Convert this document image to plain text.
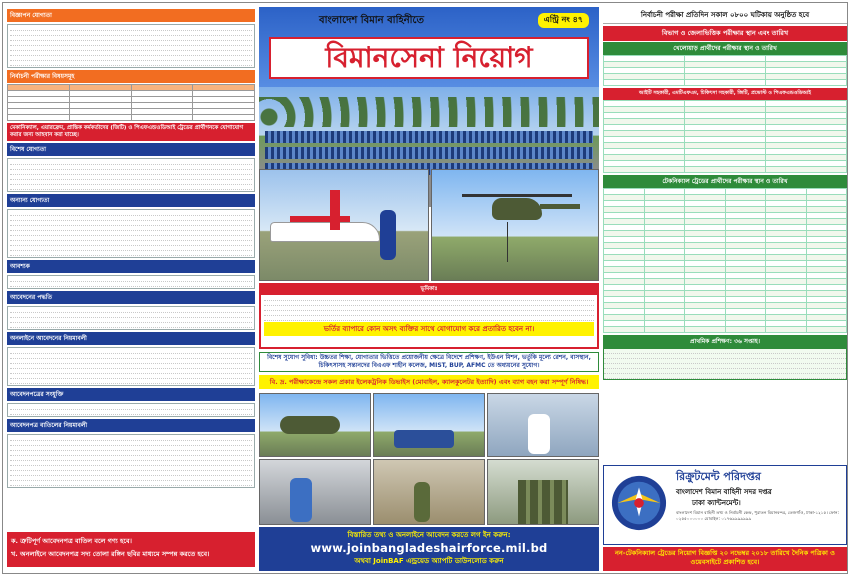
বিজ্ঞাপন যোগ্যতা
নির্বাচনী পরীক্ষার বিষয়সমূহ

মেকানিক্যাল, এয়ারফ্রেম, প্রান্তিক কর্মকর্তাদের (জিটি) ও পিএফএন্ডওডিআই ট্রেডের প্রার্থীগনকে যোগাযোগ করার জন্য আহবান করা যাচ্ছে।
বিশেষ যোগ্যতা
অন্যান্য যোগ্যতা
আবশ্যক
আবেদনের পদ্ধতি
অনলাইনে আবেদনের নিয়মাবলী
আবেদনপত্রের সংযুক্তি
আবেদনপত্র বাতিলের নিয়মাবলী
ক. ত্রুটিপূর্ণ আবেদনপত্র বাতিল বলে গণ্য হবে।
খ. অনলাইনে আবেদনপত্র সদ্য তোলা রঙ্গিন ছবির মাধ্যমে সম্পন্ন করতে হবে।
বাংলাদেশ বিমান বাহিনীতে	এন্ট্রি নং ৪৭
বিমানসেনা নিয়োগ
ভূমিকাঃ
ভর্তির ব্যাপারে কোন অসৎ ব্যক্তির সাথে যোগাযোগ করে প্রতারিত হবেন না।
বিশেষ সুযোগ সুবিধা: উচ্চতর শিক্ষা, যোগ্যতার ভিত্তিতে প্রয়োজনীয় ক্ষেত্রে বিদেশে প্রশিক্ষণ, ইউএন মিশন, ভর্তুকি মূল্যে রেশন, বাসস্থান, চিকিৎসাসহ সন্তানদের বিএএফ শাহীন কলেজ, MIST, BUP, AFMC তে অধ্যয়নের সুযোগ।
বি. দ্র. পরীক্ষাকেন্দ্রে সকল প্রকার ইলেকট্রনিক ডিভাইস (মোবাইল, ক্যালকুলেটর ইত্যাদি) এবং ব্যাগ বহন করা সম্পূর্ণ নিষিদ্ধ।
বিস্তারিত তথ্য ও অনলাইনে আবেদন করতে লগ ইন করুন:
www.joinbangladeshairforce.mil.bd
অথবা JoinBAF এন্ড্রয়েড অ্যাপটি ডাউনলোড করুন
নির্বাচনী পরীক্ষা প্রতিদিন সকাল ০৮০০ ঘটিকায় অনুষ্ঠিত হবে
বিভাগ ও জেলাভিত্তিক পরীক্ষার স্থান এবং তারিখ
খেলোয়াড় প্রার্থীদের পরীক্ষার স্থান ও তারিখ

আইটি সহকারী, এমটিএফএম, চিকিৎসা সহকারী, জিটি, প্রভোস্ট ও পিএফএন্ডওডিআই

টেকনিক্যাল ট্রেডের প্রার্থীদের পরীক্ষার স্থান ও তারিখ

প্রাথমিক প্রশিক্ষণ: ৩৬ সপ্তাহ।
রিক্রুটমেন্ট পরিদপ্তর
বাংলাদেশ বিমান বাহিনী সদর দপ্তর
ঢাকা ক্যান্টনমেন্ট।
বাংলাদেশ বিমান বাহিনী তথ্য ও নির্বাচনী কেন্দ্র, পুরাতন বিমানবন্দর, তেজগাঁও, ঢাকা-১২১৫। ফোন: ০২৫৫০০০০০০ মোবাইল: ০১৭৬৯৯৯৯৯৯৯
নন-টেকনিক্যাল ট্রেডের নিয়োগ বিজ্ঞপ্তি ২০ নভেম্বর ২০১৮ তারিখে দৈনিক পত্রিকা ও ওয়েবসাইটে প্রকাশিত হবে।
